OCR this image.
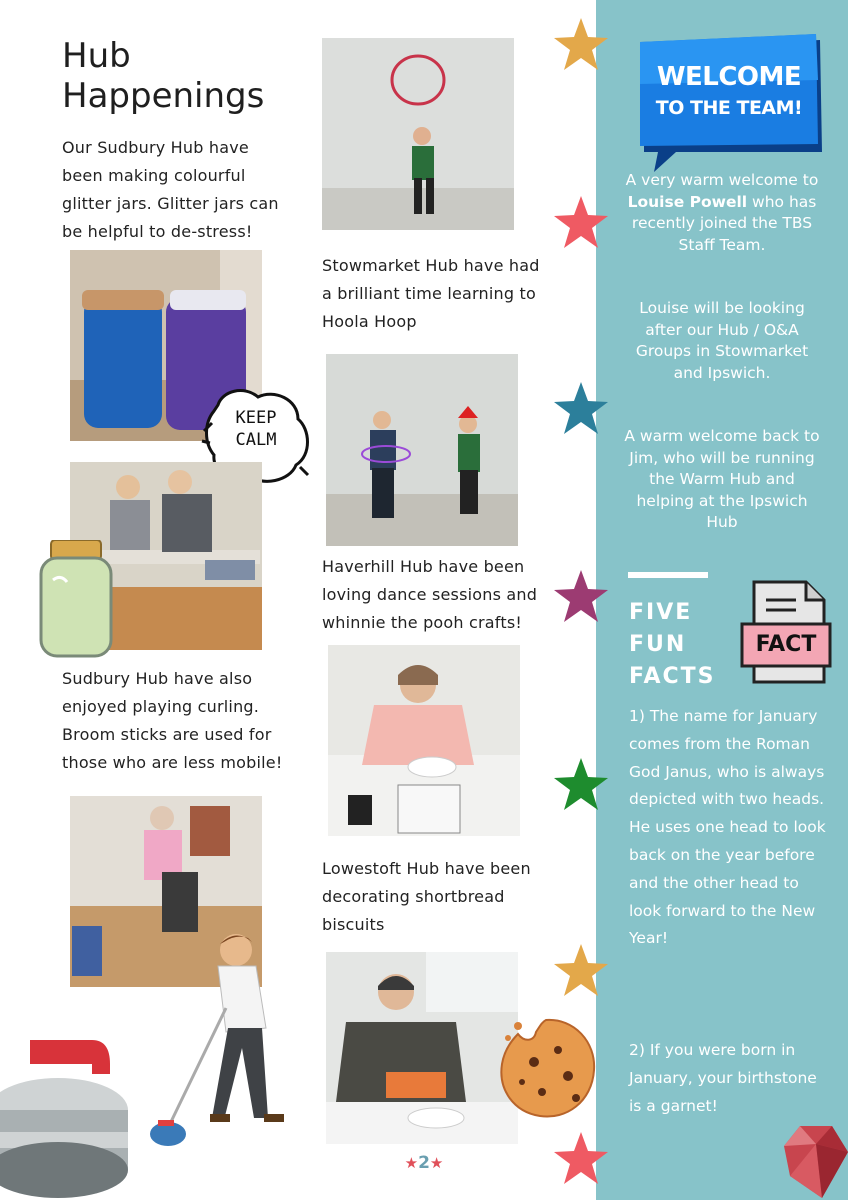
Hub Happenings
Our Sudbury Hub have been making colourful glitter jars. Glitter jars can be helpful to de-stress!
KEEP
CALM
Sudbury Hub have also enjoyed playing curling. Broom sticks are used for those who are less mobile!
Stowmarket Hub have had a brilliant time learning to Hoola Hoop
Haverhill Hub have been loving dance sessions and whinnie the pooh crafts!
Lowestoft Hub have been decorating shortbread biscuits
WELCOME
TO THE TEAM!
A very warm welcome to Louise Powell who has recently joined the TBS Staff Team.
Louise will be looking after our Hub / O&A Groups in Stowmarket and Ipswich.
A warm welcome back to Jim, who will be running the Warm Hub and helping at the Ipswich Hub
FIVE
FUN
FACTS
FACT
1) The name for January comes from the Roman God Janus, who is always depicted with two heads. He uses one head to look back on the year before and the other head to look forward to the New Year!
2) If you were born in January, your birthstone is a garnet!
★2★
